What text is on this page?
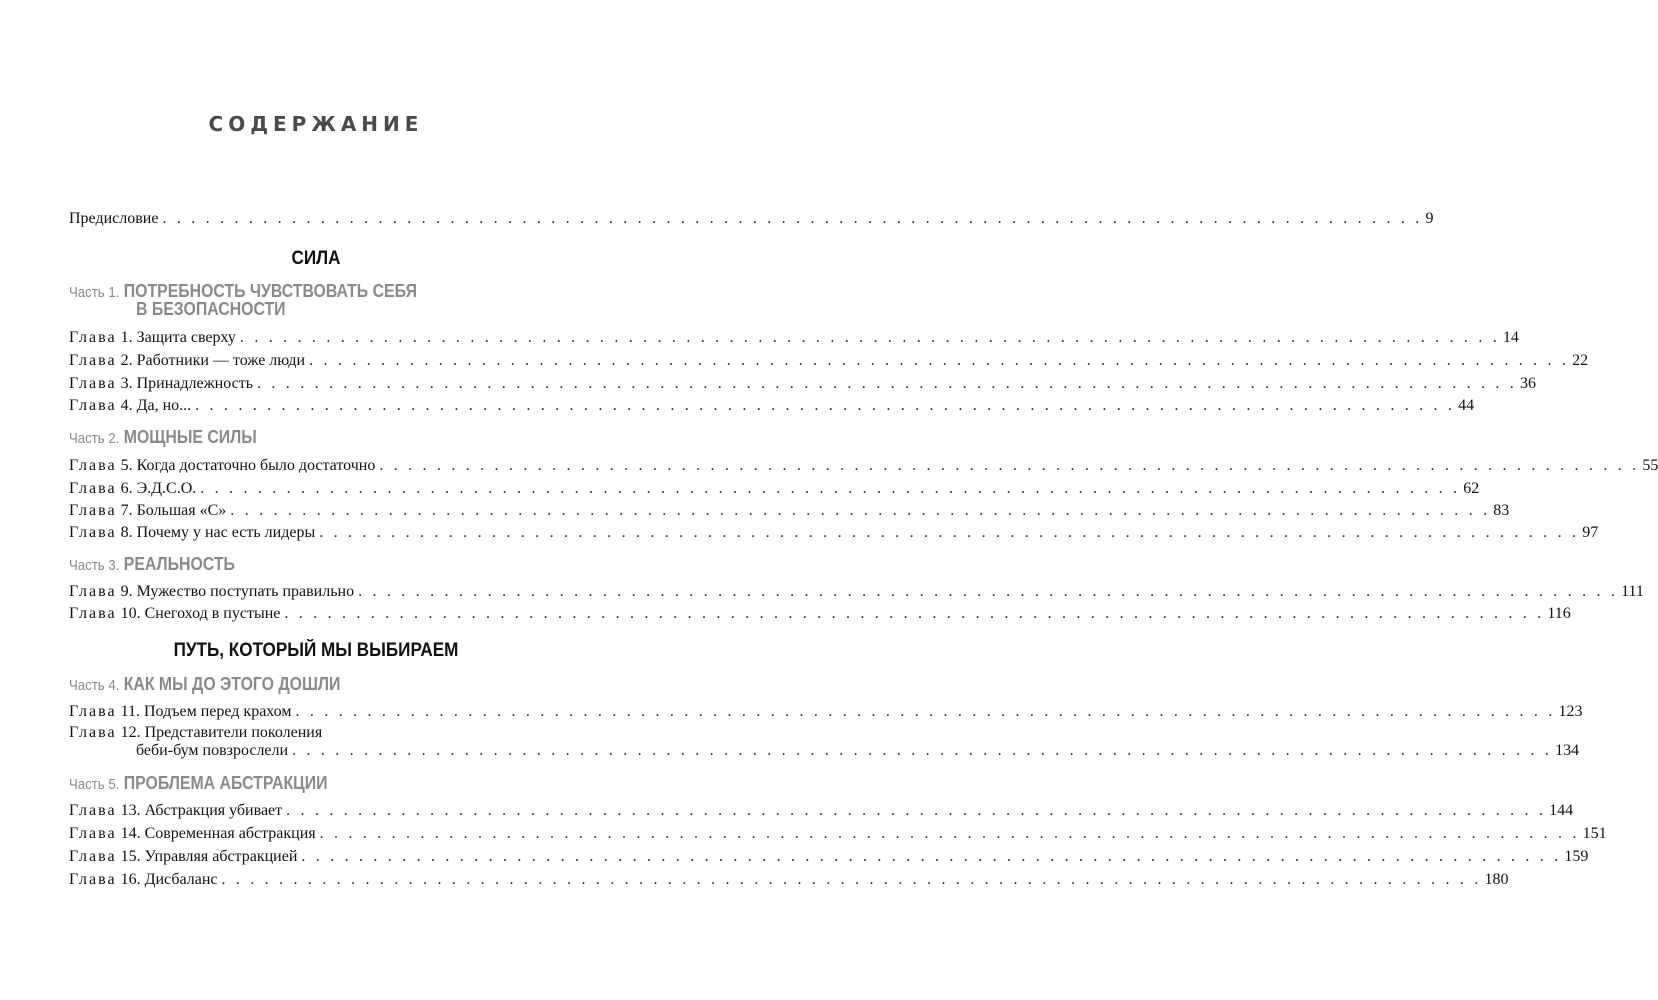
СОДЕРЖАНИЕ
Предисловие . . . . . . . . . . . . . . . . . . . . . . . . . . . . . . . . . . . . . . . . . . . . . . . . . . . . . . . . . . . . . . . . . . . . . . . . . . . . . . . . . . . . . . . . 9
СИЛА
Часть 1. ПОТРЕБНОСТЬ ЧУВСТВОВАТЬ СЕБЯ
В БЕЗОПАСНОСТИ
Глава 1. Защита сверху . . . . . . . . . . . . . . . . . . . . . . . . . . . . . . . . . . . . . . . . . . . . . . . . . . . . . . . . . . . . . . . . . . . . . . . . . . . . . . . . . . . . . . . . 14
Глава 2. Работники — тоже люди . . . . . . . . . . . . . . . . . . . . . . . . . . . . . . . . . . . . . . . . . . . . . . . . . . . . . . . . . . . . . . . . . . . . . . . . . . . . . . . . . . . . . . . . 22
Глава 3. Принадлежность . . . . . . . . . . . . . . . . . . . . . . . . . . . . . . . . . . . . . . . . . . . . . . . . . . . . . . . . . . . . . . . . . . . . . . . . . . . . . . . . . . . . . . . . 36
Глава 4. Да, но... . . . . . . . . . . . . . . . . . . . . . . . . . . . . . . . . . . . . . . . . . . . . . . . . . . . . . . . . . . . . . . . . . . . . . . . . . . . . . . . . . . . . . . . . 44
Часть 2. МОЩНЫЕ СИЛЫ
Глава 5. Когда достаточно было достаточно . . . . . . . . . . . . . . . . . . . . . . . . . . . . . . . . . . . . . . . . . . . . . . . . . . . . . . . . . . . . . . . . . . . . . . . . . . . . . . . . . . . . . . . . 55
Глава 6. Э.Д.С.О. . . . . . . . . . . . . . . . . . . . . . . . . . . . . . . . . . . . . . . . . . . . . . . . . . . . . . . . . . . . . . . . . . . . . . . . . . . . . . . . . . . . . . . . . 62
Глава 7. Большая «С» . . . . . . . . . . . . . . . . . . . . . . . . . . . . . . . . . . . . . . . . . . . . . . . . . . . . . . . . . . . . . . . . . . . . . . . . . . . . . . . . . . . . . . . . 83
Глава 8. Почему у нас есть лидеры . . . . . . . . . . . . . . . . . . . . . . . . . . . . . . . . . . . . . . . . . . . . . . . . . . . . . . . . . . . . . . . . . . . . . . . . . . . . . . . . . . . . . . . . 97
Часть 3. РЕАЛЬНОСТЬ
Глава 9. Мужество поступать правильно . . . . . . . . . . . . . . . . . . . . . . . . . . . . . . . . . . . . . . . . . . . . . . . . . . . . . . . . . . . . . . . . . . . . . . . . . . . . . . . . . . . . . . . . 111
Глава 10. Снегоход в пустыне . . . . . . . . . . . . . . . . . . . . . . . . . . . . . . . . . . . . . . . . . . . . . . . . . . . . . . . . . . . . . . . . . . . . . . . . . . . . . . . . . . . . . . . . 116
ПУТЬ, КОТОРЫЙ МЫ ВЫБИРАЕМ
Часть 4. КАК МЫ ДО ЭТОГО ДОШЛИ
Глава 11. Подъем перед крахом . . . . . . . . . . . . . . . . . . . . . . . . . . . . . . . . . . . . . . . . . . . . . . . . . . . . . . . . . . . . . . . . . . . . . . . . . . . . . . . . . . . . . . . . 123
Глава 12. Представители поколения
беби-бум повзрослели . . . . . . . . . . . . . . . . . . . . . . . . . . . . . . . . . . . . . . . . . . . . . . . . . . . . . . . . . . . . . . . . . . . . . . . . . . . . . . . . . . . . . . . . 134
Часть 5. ПРОБЛЕМА АБСТРАКЦИИ
Глава 13. Абстракция убивает . . . . . . . . . . . . . . . . . . . . . . . . . . . . . . . . . . . . . . . . . . . . . . . . . . . . . . . . . . . . . . . . . . . . . . . . . . . . . . . . . . . . . . . . 144
Глава 14. Современная абстракция . . . . . . . . . . . . . . . . . . . . . . . . . . . . . . . . . . . . . . . . . . . . . . . . . . . . . . . . . . . . . . . . . . . . . . . . . . . . . . . . . . . . . . . . 151
Глава 15. Управляя абстракцией . . . . . . . . . . . . . . . . . . . . . . . . . . . . . . . . . . . . . . . . . . . . . . . . . . . . . . . . . . . . . . . . . . . . . . . . . . . . . . . . . . . . . . . . 159
Глава 16. Дисбаланс . . . . . . . . . . . . . . . . . . . . . . . . . . . . . . . . . . . . . . . . . . . . . . . . . . . . . . . . . . . . . . . . . . . . . . . . . . . . . . . . . . . . . . . . 180
